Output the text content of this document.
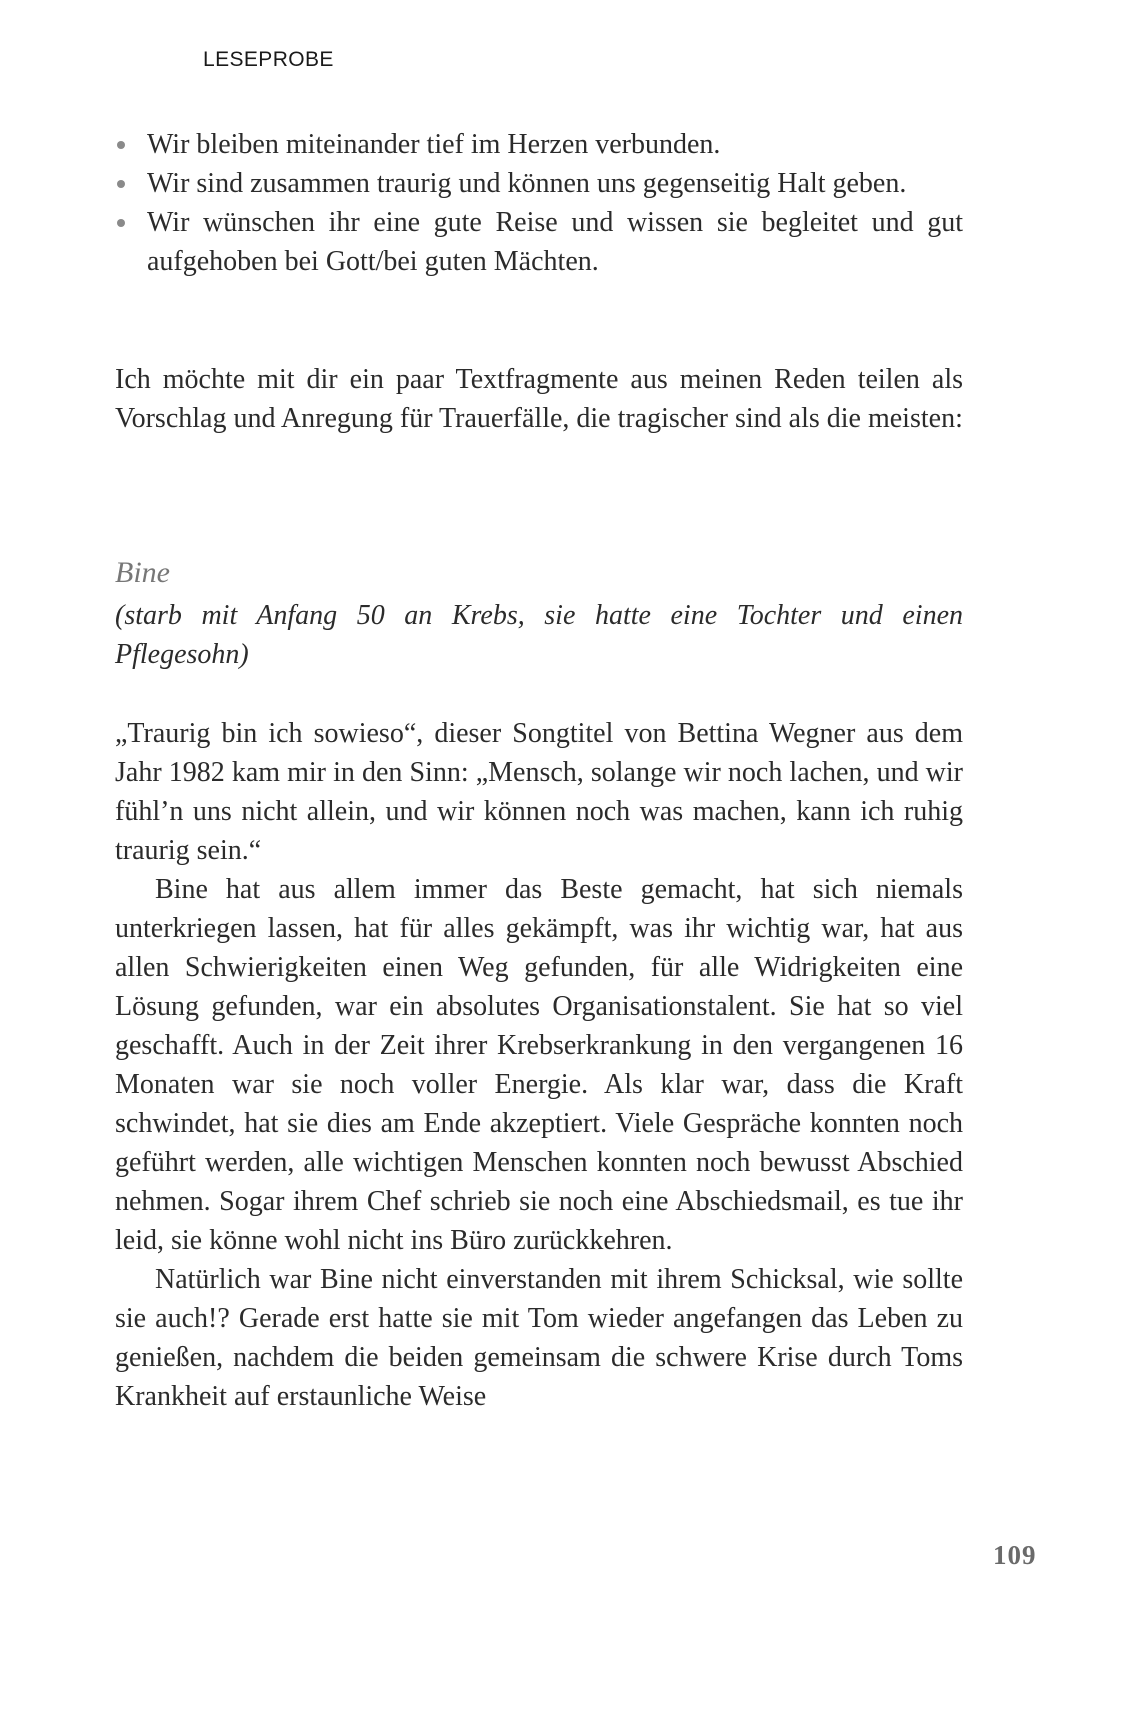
LESEPROBE
Wir bleiben miteinander tief im Herzen verbunden.
Wir sind zusammen traurig und können uns gegenseitig Halt geben.
Wir wünschen ihr eine gute Reise und wissen sie begleitet und gut aufgehoben bei Gott/bei guten Mächten.
Ich möchte mit dir ein paar Textfragmente aus meinen Reden teilen als Vorschlag und Anregung für Trauerfälle, die tragischer sind als die meisten:
Bine
(starb mit Anfang 50 an Krebs, sie hatte eine Tochter und einen Pflegesohn)

„Traurig bin ich sowieso“, dieser Songtitel von Bettina Wegner aus dem Jahr 1982 kam mir in den Sinn: „Mensch, solange wir noch lachen, und wir fühl’n uns nicht allein, und wir können noch was machen, kann ich ruhig traurig sein.“

Bine hat aus allem immer das Beste gemacht, hat sich niemals unterkriegen lassen, hat für alles gekämpft, was ihr wichtig war, hat aus allen Schwierigkeiten einen Weg gefunden, für alle Widrigkeiten eine Lösung gefunden, war ein absolutes Organisationstalent. Sie hat so viel geschafft. Auch in der Zeit ihrer Krebserkrankung in den vergangenen 16 Monaten war sie noch voller Energie. Als klar war, dass die Kraft schwindet, hat sie dies am Ende akzeptiert. Viele Gespräche konnten noch geführt werden, alle wichtigen Menschen konnten noch bewusst Abschied nehmen. Sogar ihrem Chef schrieb sie noch eine Abschiedsmail, es tue ihr leid, sie könne wohl nicht ins Büro zurückkehren.

Natürlich war Bine nicht einverstanden mit ihrem Schicksal, wie sollte sie auch!? Gerade erst hatte sie mit Tom wieder angefangen das Leben zu genießen, nachdem die beiden gemeinsam die schwere Krise durch Toms Krankheit auf erstaunliche Weise

109
